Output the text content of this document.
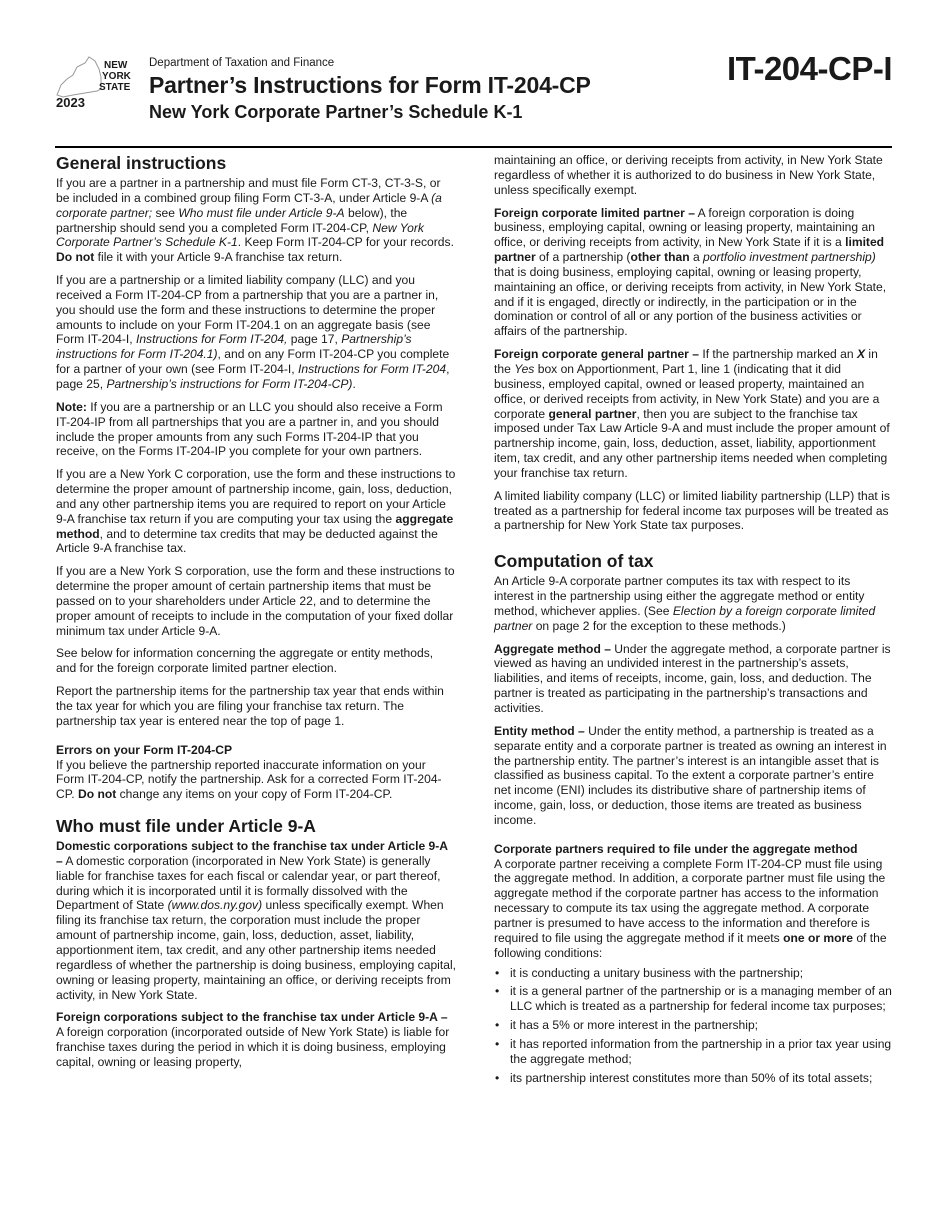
NEW
YORK
STATE
2023
Department of Taxation and Finance
Partner’s Instructions for Form IT-204-CP
New York Corporate Partner’s Schedule K-1
IT-204-CP-I
General instructions

If you are a partner in a partnership and must file Form CT-3, CT-3-S, or be included in a combined group filing Form CT-3-A, under Article 9-A (a corporate partner; see Who must file under Article 9-A below), the partnership should send you a completed Form IT-204-CP, New York Corporate Partner’s Schedule K-1. Keep Form IT-204-CP for your records. Do not file it with your Article 9-A franchise tax return.

If you are a partnership or a limited liability company (LLC) and you received a Form IT-204-CP from a partnership that you are a partner in, you should use the form and these instructions to determine the proper amounts to include on your Form IT-204.1 on an aggregate basis (see Form IT-204-I, Instructions for Form IT-204, page 17, Partnership’s instructions for Form IT-204.1), and on any Form IT-204-CP you complete for a partner of your own (see Form IT-204-I, Instructions for Form IT-204, page 25, Partnership’s instructions for Form IT-204-CP).

Note: If you are a partnership or an LLC you should also receive a Form IT-204-IP from all partnerships that you are a partner in, and you should include the proper amounts from any such Forms IT-204-IP that you receive, on the Forms IT-204-IP you complete for your own partners.

If you are a New York C corporation, use the form and these instructions to determine the proper amount of partnership income, gain, loss, deduction, and any other partnership items you are required to report on your Article 9-A franchise tax return if you are computing your tax using the aggregate method, and to determine tax credits that may be deducted against the Article 9-A franchise tax.

If you are a New York S corporation, use the form and these instructions to determine the proper amount of certain partnership items that must be passed on to your shareholders under Article 22, and to determine the proper amount of receipts to include in the computation of your fixed dollar minimum tax under Article 9-A.

See below for information concerning the aggregate or entity methods, and for the foreign corporate limited partner election.

Report the partnership items for the partnership tax year that ends within the tax year for which you are filing your franchise tax return. The partnership tax year is entered near the top of page 1.

Errors on your Form IT-204-CP

If you believe the partnership reported inaccurate information on your Form IT-204-CP, notify the partnership. Ask for a corrected Form IT-204-CP. Do not change any items on your copy of Form IT-204-CP.

Who must file under Article 9-A

Domestic corporations subject to the franchise tax under Article 9-A – A domestic corporation (incorporated in New York State) is generally liable for franchise taxes for each fiscal or calendar year, or part thereof, during which it is incorporated until it is formally dissolved with the Department of State (www.dos.ny.gov) unless specifically exempt. When filing its franchise tax return, the corporation must include the proper amount of partnership income, gain, loss, deduction, asset, liability, apportionment item, tax credit, and any other partnership items needed regardless of whether the partnership is doing business, employing capital, owning or leasing property, maintaining an office, or deriving receipts from activity, in New York State.

Foreign corporations subject to the franchise tax under Article 9-A – A foreign corporation (incorporated outside of New York State) is liable for franchise taxes during the period in which it is doing business, employing capital, owning or leasing property,

maintaining an office, or deriving receipts from activity, in New York State regardless of whether it is authorized to do business in New York State, unless specifically exempt.

Foreign corporate limited partner – A foreign corporation is doing business, employing capital, owning or leasing property, maintaining an office, or deriving receipts from activity, in New York State if it is a limited partner of a partnership (other than a portfolio investment partnership) that is doing business, employing capital, owning or leasing property, maintaining an office, or deriving receipts from activity, in New York State, and if it is engaged, directly or indirectly, in the participation or in the domination or control of all or any portion of the business activities or affairs of the partnership.

Foreign corporate general partner – If the partnership marked an X in the Yes box on Apportionment, Part 1, line 1 (indicating that it did business, employed capital, owned or leased property, maintained an office, or derived receipts from activity, in New York State) and you are a corporate general partner, then you are subject to the franchise tax imposed under Tax Law Article 9-A and must include the proper amount of partnership income, gain, loss, deduction, asset, liability, apportionment item, tax credit, and any other partnership items needed when completing your franchise tax return.

A limited liability company (LLC) or limited liability partnership (LLP) that is treated as a partnership for federal income tax purposes will be treated as a partnership for New York State tax purposes.

Computation of tax

An Article 9-A corporate partner computes its tax with respect to its interest in the partnership using either the aggregate method or entity method, whichever applies. (See Election by a foreign corporate limited partner on page 2 for the exception to these methods.)

Aggregate method – Under the aggregate method, a corporate partner is viewed as having an undivided interest in the partnership’s assets, liabilities, and items of receipts, income, gain, loss, and deduction. The partner is treated as participating in the partnership’s transactions and activities.

Entity method – Under the entity method, a partnership is treated as a separate entity and a corporate partner is treated as owning an interest in the partnership entity. The partner’s interest is an intangible asset that is classified as business capital. To the extent a corporate partner’s entire net income (ENI) includes its distributive share of partnership items of income, gain, loss, or deduction, those items are treated as business income.

Corporate partners required to file under the aggregate method

A corporate partner receiving a complete Form IT-204-CP must file using the aggregate method. In addition, a corporate partner must file using the aggregate method if the corporate partner has access to the information necessary to compute its tax using the aggregate method. A corporate partner is presumed to have access to the information and therefore is required to file using the aggregate method if it meets one or more of the following conditions:

• it is conducting a unitary business with the partnership;
• it is a general partner of the partnership or is a managing member of an LLC which is treated as a partnership for federal income tax purposes;
• it has a 5% or more interest in the partnership;
• it has reported information from the partnership in a prior tax year using the aggregate method;
• its partnership interest constitutes more than 50% of its total assets;
